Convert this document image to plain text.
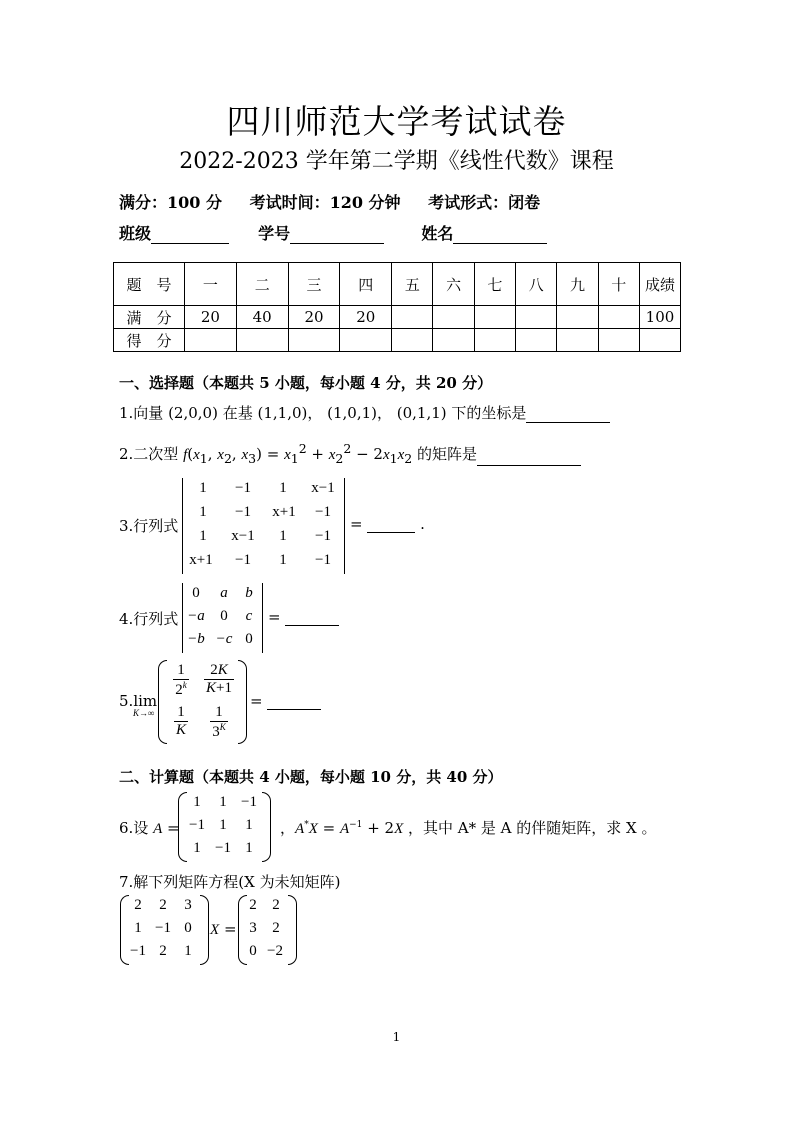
四川师范大学考试试卷
2022-2023 学年第二学期《线性代数》课程
满分：100 分 考试时间：120 分钟 考试形式：闭卷
班级	学号	姓名
题　号	一	二	三	四	五	六	七	八	九	十	成绩
满　分	20	40	20	20							100
得　分											
一、选择题（本题共 5 小题，每小题 4 分，共 20 分）
1.向量 (2,0,0) 在基 (1,1,0)， (1,0,1)， (0,1,1) 下的坐标是
2.二次型 $f(x_1$, $x_2$, $x_3) = x_1^2 + x_2^2 - 2x_1x_2$ 的矩阵是
3.行列式
1	−1	1	x−1
1	−1	x+1	−1
1	x−1	1	−1
x+1	−1	1	−1
=	.
4.行列式
0	a	b
−a	0	c
−b −c 0
=
5.lim
K→∞
$\frac{1}{2^k} \frac{2K}{K+1}$
$\frac{1}{K} \frac{1}{3^K}$
=
二、计算题（本题共 4 小题，每小题 10 分，共 40 分）
6.设 A =
1	1 −1
−1 1	1
1 −1 1
，$A^*X = A^{-1} + 2X$ ，其中 A* 是 A 的伴随矩阵，求 X 。
7.解下列矩阵方程(X 为未知矩阵)
2	2	3
1 −1 0
−1 2	1
X =
2	2
3	2
0 −2
1
